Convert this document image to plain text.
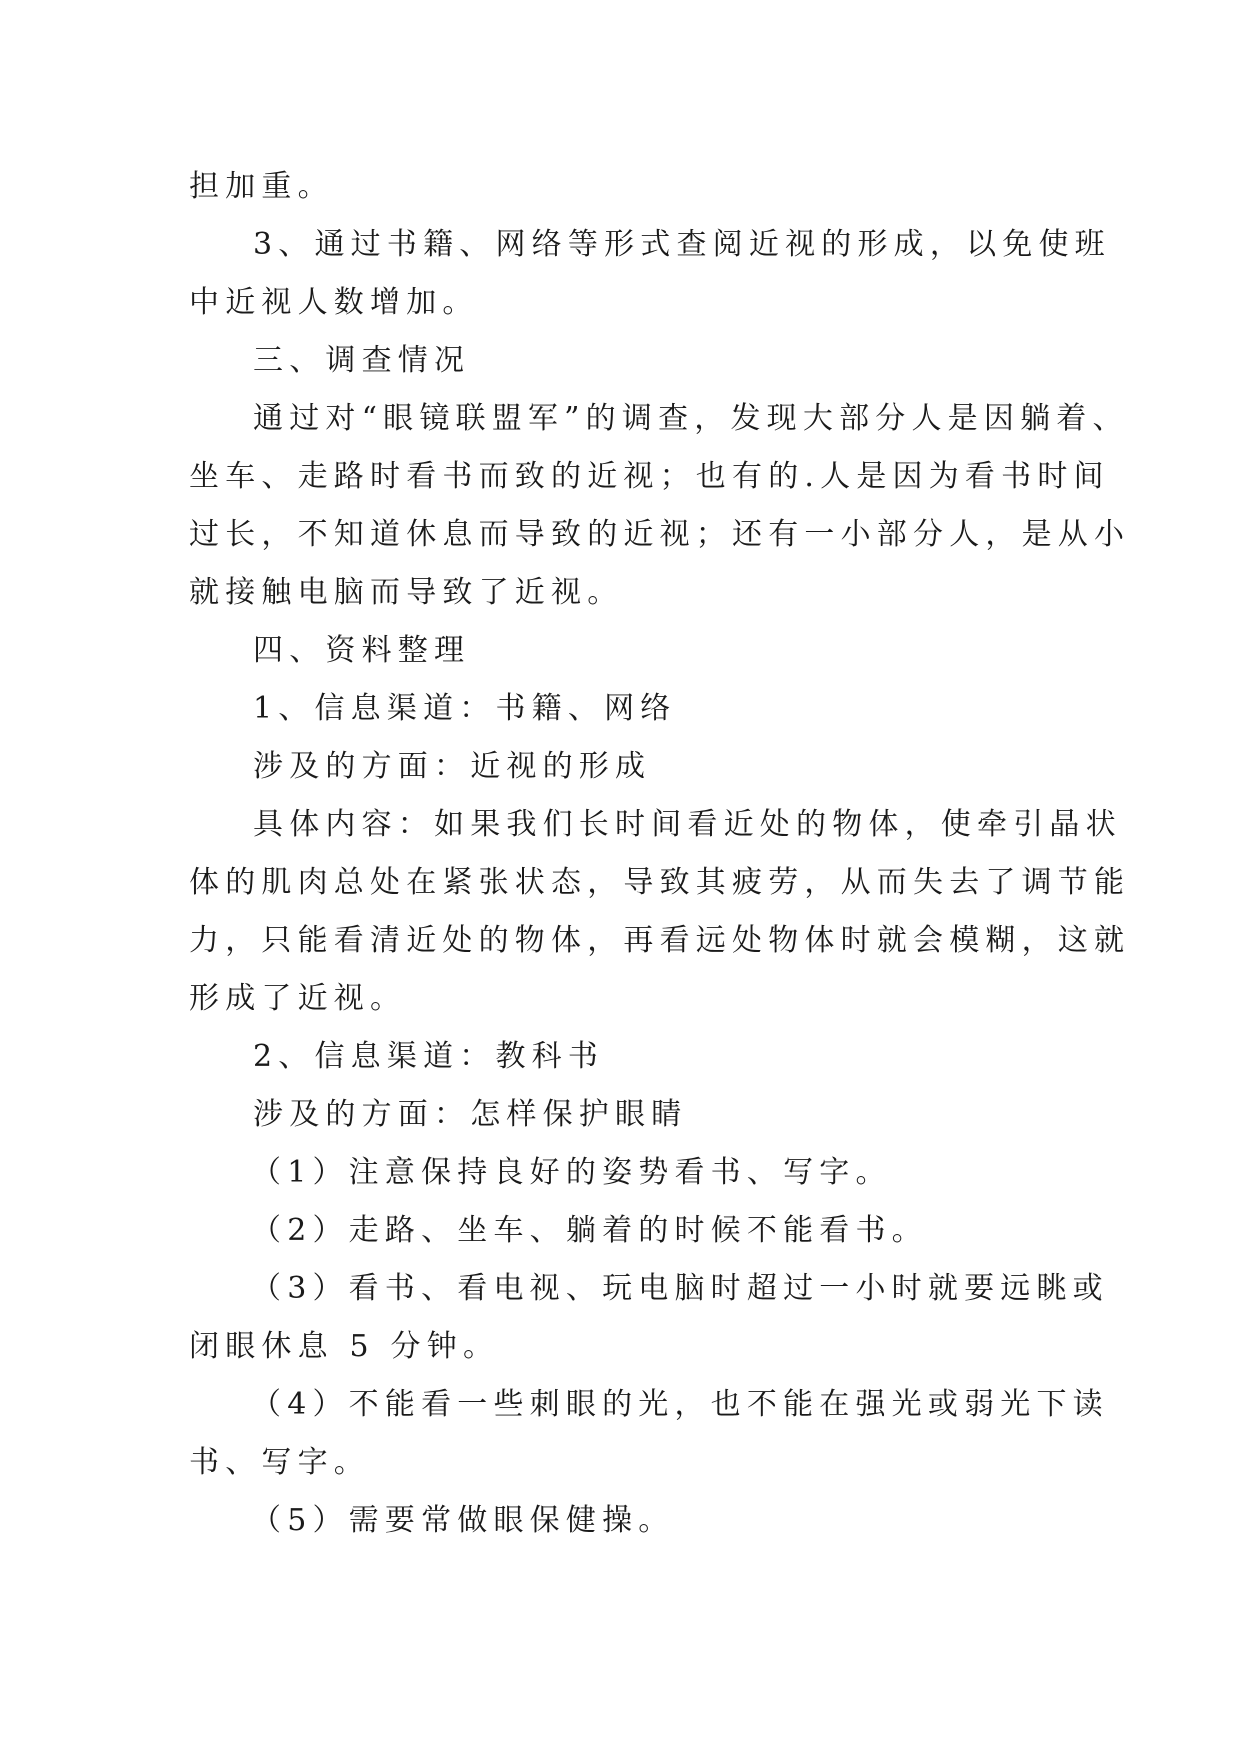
担加重。
3、通过书籍、网络等形式查阅近视的形成，以免使班
中近视人数增加。
三、调查情况
通过对“眼镜联盟军”的调查，发现大部分人是因躺着、
坐车、走路时看书而致的近视；也有的.人是因为看书时间
过长，不知道休息而导致的近视；还有一小部分人，是从小
就接触电脑而导致了近视。
四、资料整理
1、信息渠道：书籍、网络
涉及的方面：近视的形成
具体内容：如果我们长时间看近处的物体，使牵引晶状
体的肌肉总处在紧张状态，导致其疲劳，从而失去了调节能
力，只能看清近处的物体，再看远处物体时就会模糊，这就
形成了近视。
2、信息渠道：教科书
涉及的方面：怎样保护眼睛
（1）注意保持良好的姿势看书、写字。
（2）走路、坐车、躺着的时候不能看书。
（3）看书、看电视、玩电脑时超过一小时就要远眺或
闭眼休息 5 分钟。
（4）不能看一些刺眼的光，也不能在强光或弱光下读
书、写字。
（5）需要常做眼保健操。
